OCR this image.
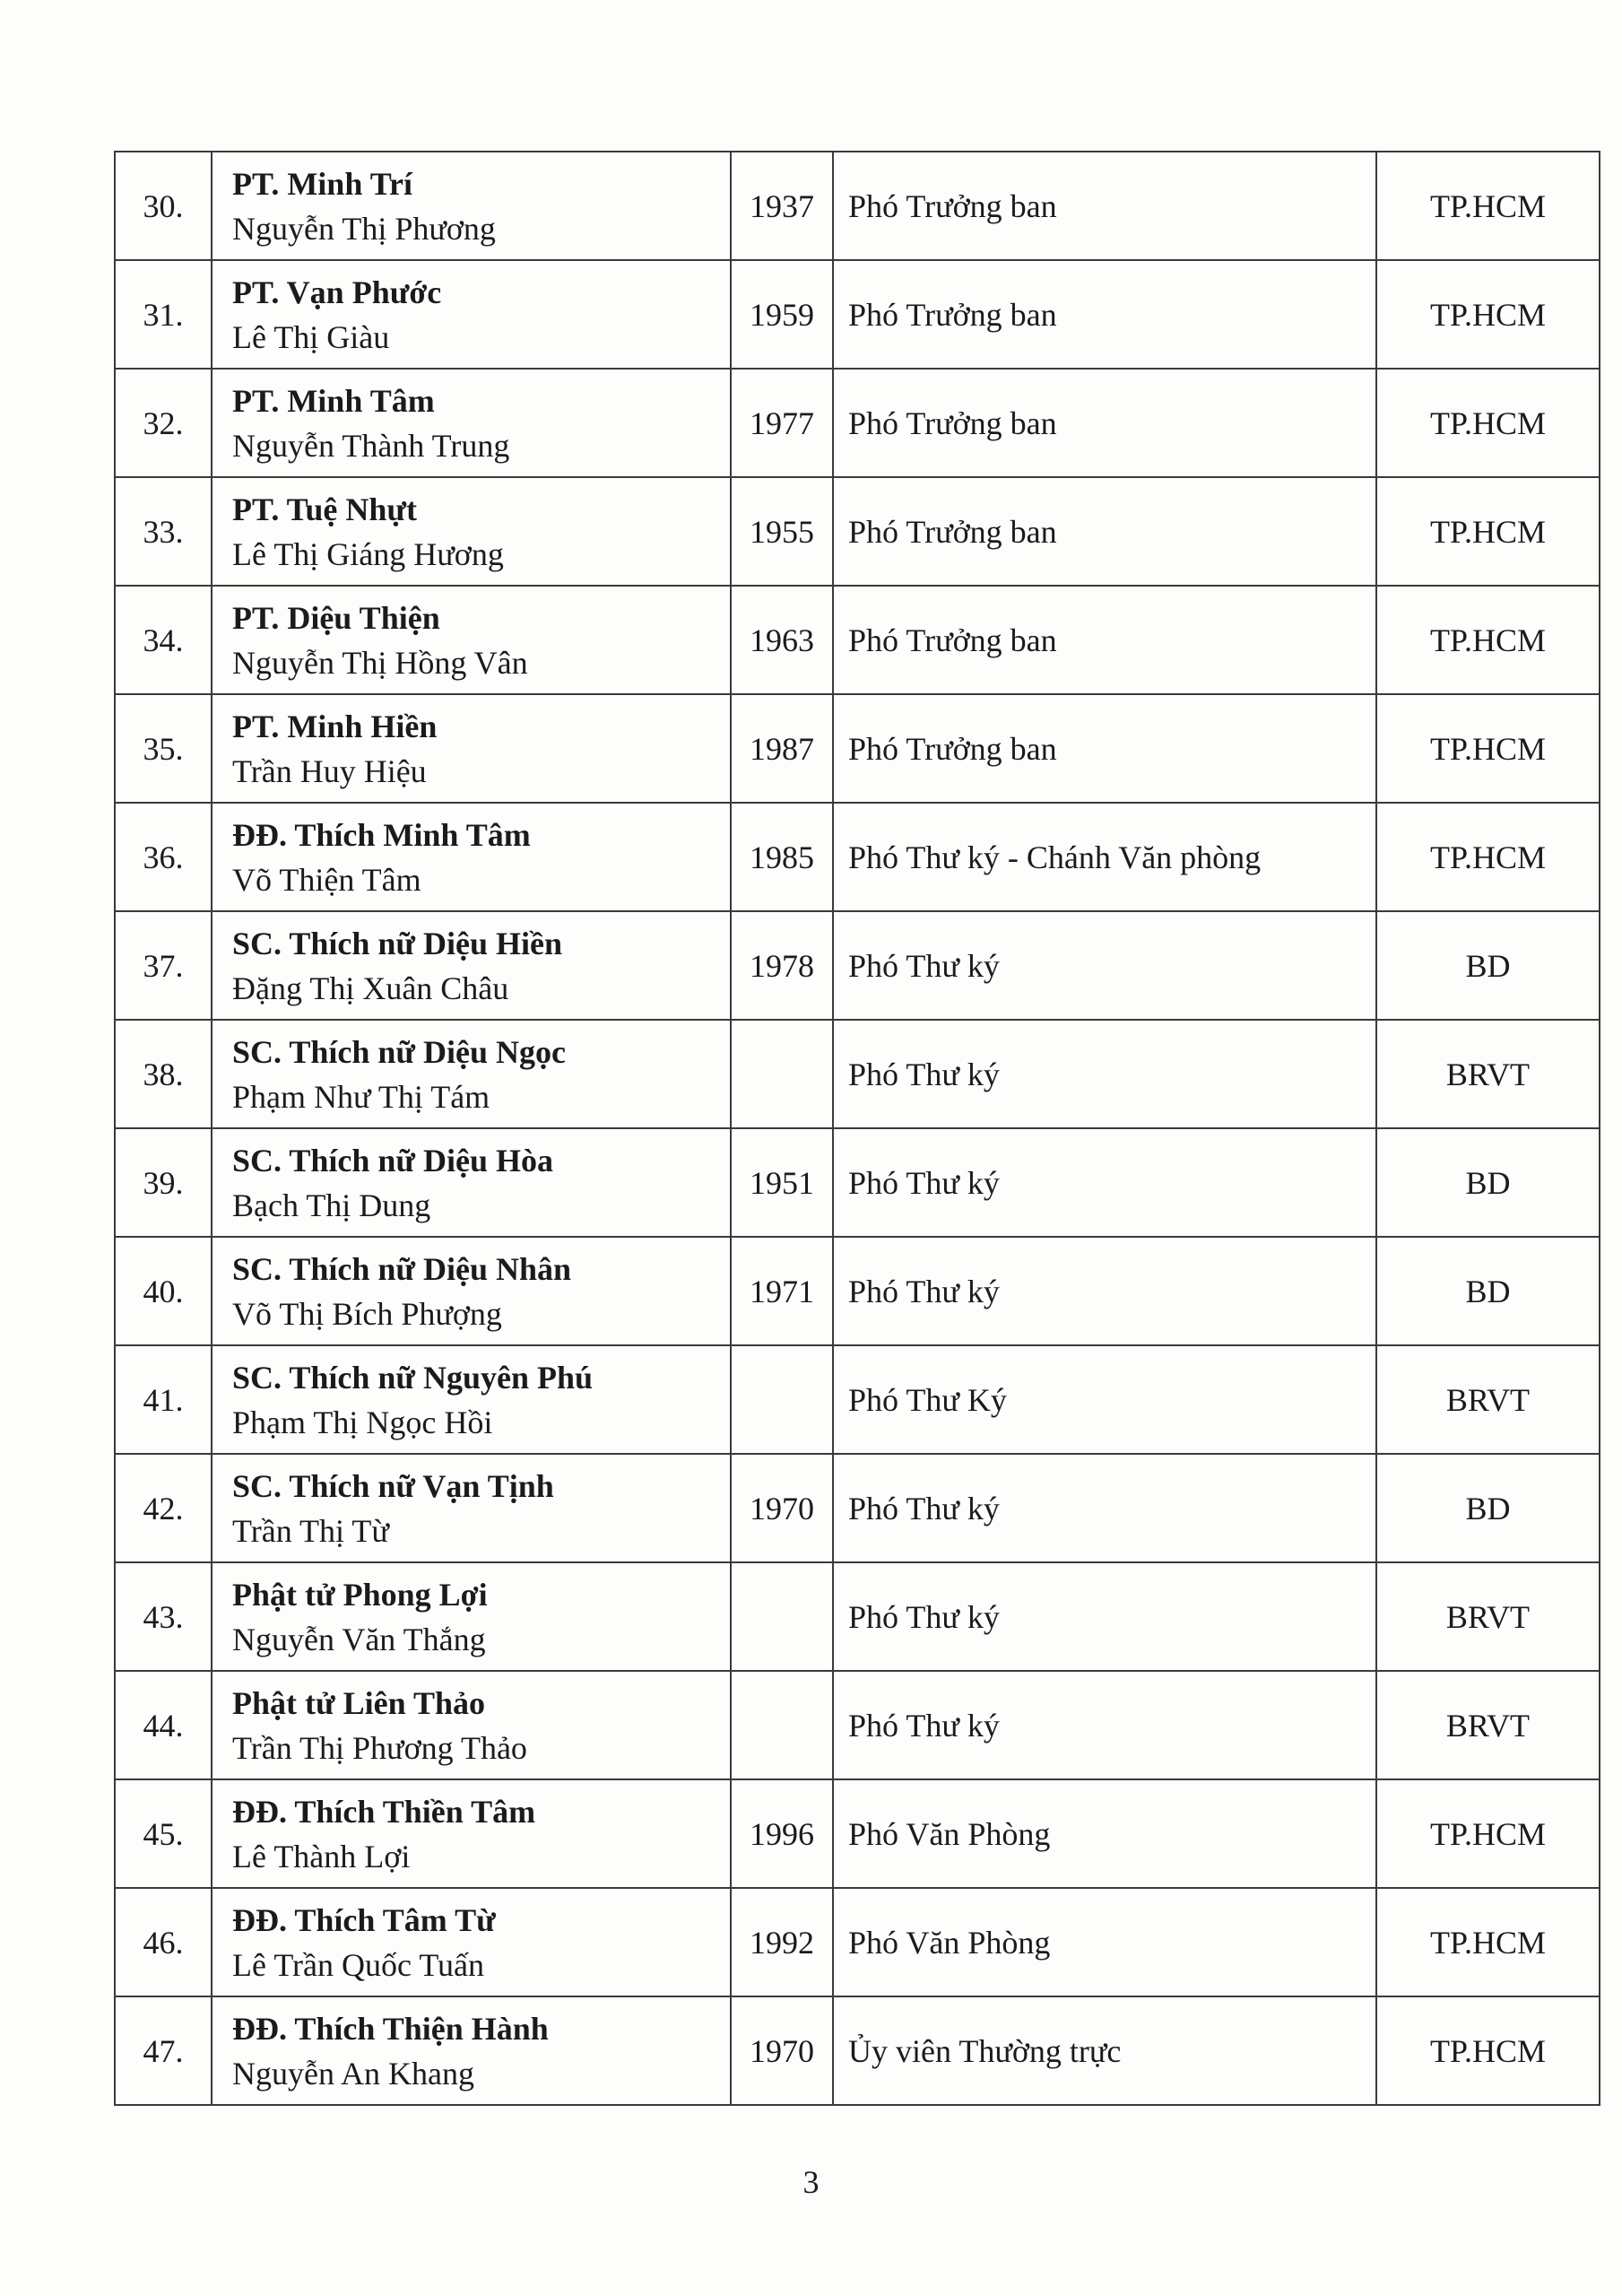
30.	PT. Minh Trí
Nguyễn Thị Phương	1937	Phó Trưởng ban	TP.HCM
31.	PT. Vạn Phước
Lê Thị Giàu	1959	Phó Trưởng ban	TP.HCM
32.	PT. Minh Tâm
Nguyễn Thành Trung	1977	Phó Trưởng ban	TP.HCM
33.	PT. Tuệ Nhựt
Lê Thị Giáng Hương	1955	Phó Trưởng ban	TP.HCM
34.	PT. Diệu Thiện
Nguyễn Thị Hồng Vân	1963	Phó Trưởng ban	TP.HCM
35.	PT. Minh Hiền
Trần Huy Hiệu	1987	Phó Trưởng ban	TP.HCM
36.	ĐĐ. Thích Minh Tâm
Võ Thiện Tâm	1985	Phó Thư ký - Chánh Văn phòng	TP.HCM
37.	SC. Thích nữ Diệu Hiền
Đặng Thị Xuân Châu	1978	Phó Thư ký	BD
38.	SC. Thích nữ Diệu Ngọc
Phạm Như Thị Tám		Phó Thư ký	BRVT
39.	SC. Thích nữ Diệu Hòa
Bạch Thị Dung	1951	Phó Thư ký	BD
40.	SC. Thích nữ Diệu Nhân
Võ Thị Bích Phượng	1971	Phó Thư ký	BD
41.	SC. Thích nữ Nguyên Phú
Phạm Thị Ngọc Hồi		Phó Thư Ký	BRVT
42.	SC. Thích nữ Vạn Tịnh
Trần Thị Từ	1970	Phó Thư ký	BD
43.	Phật tử Phong Lợi
Nguyễn Văn Thắng		Phó Thư ký	BRVT
44.	Phật tử Liên Thảo
Trần Thị Phương Thảo		Phó Thư ký	BRVT
45.	ĐĐ. Thích Thiền Tâm
Lê Thành Lợi	1996	Phó Văn Phòng	TP.HCM
46.	ĐĐ. Thích Tâm Từ
Lê Trần Quốc Tuấn	1992	Phó Văn Phòng	TP.HCM
47.	ĐĐ. Thích Thiện Hành
Nguyễn An Khang	1970	Ủy viên Thường trực	TP.HCM
3
